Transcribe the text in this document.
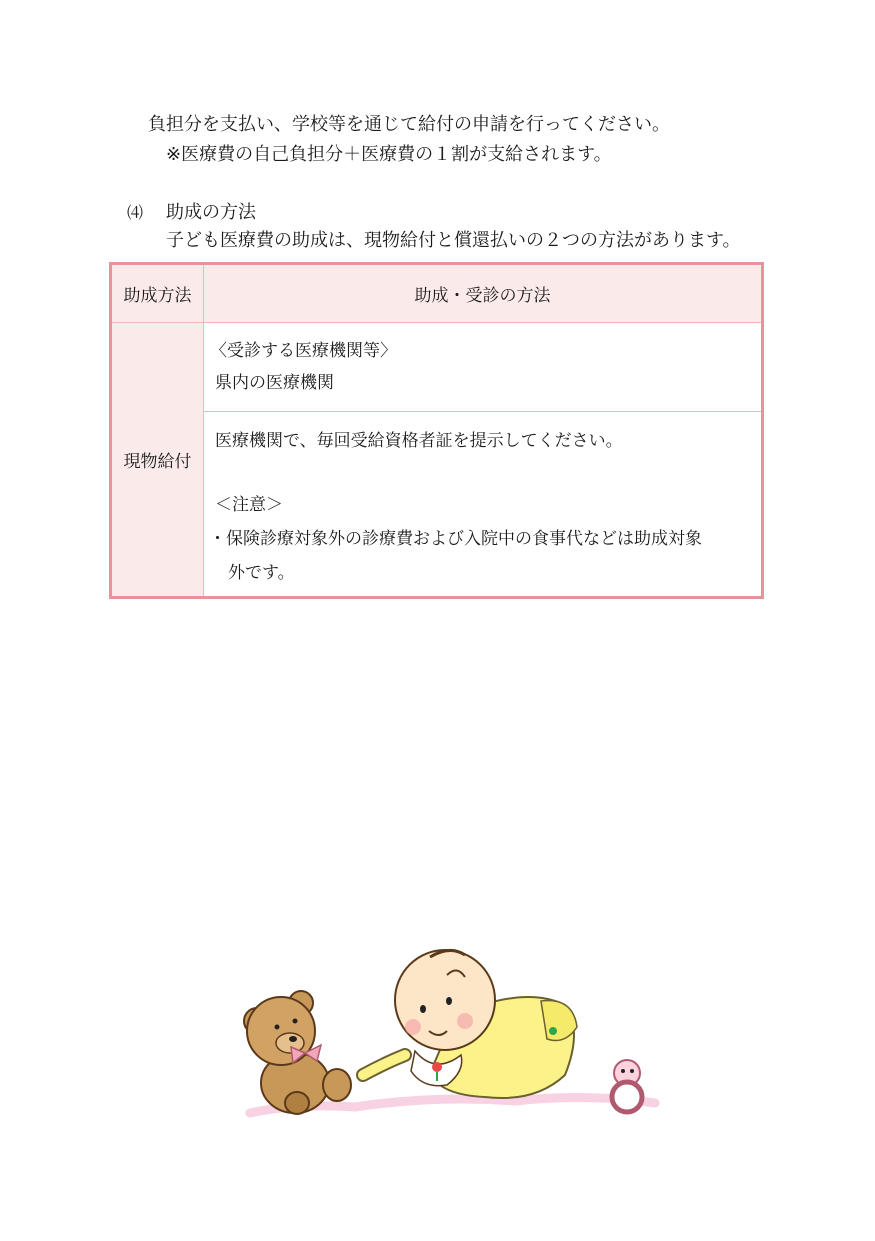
負担分を支払い、学校等を通じて給付の申請を行ってください。
※医療費の自己負担分＋医療費の１割が支給されます。
⑷ 助成の方法
子ども医療費の助成は、現物給付と償還払いの２つの方法があります。
助成方法	助成・受診の方法
現物給付
〈受診する医療機関等〉
県内の医療機関
医療機関で、毎回受給資格者証を提示してください。
＜注意＞
・保険診療対象外の診療費および入院中の食事代などは助成対象
外です。
